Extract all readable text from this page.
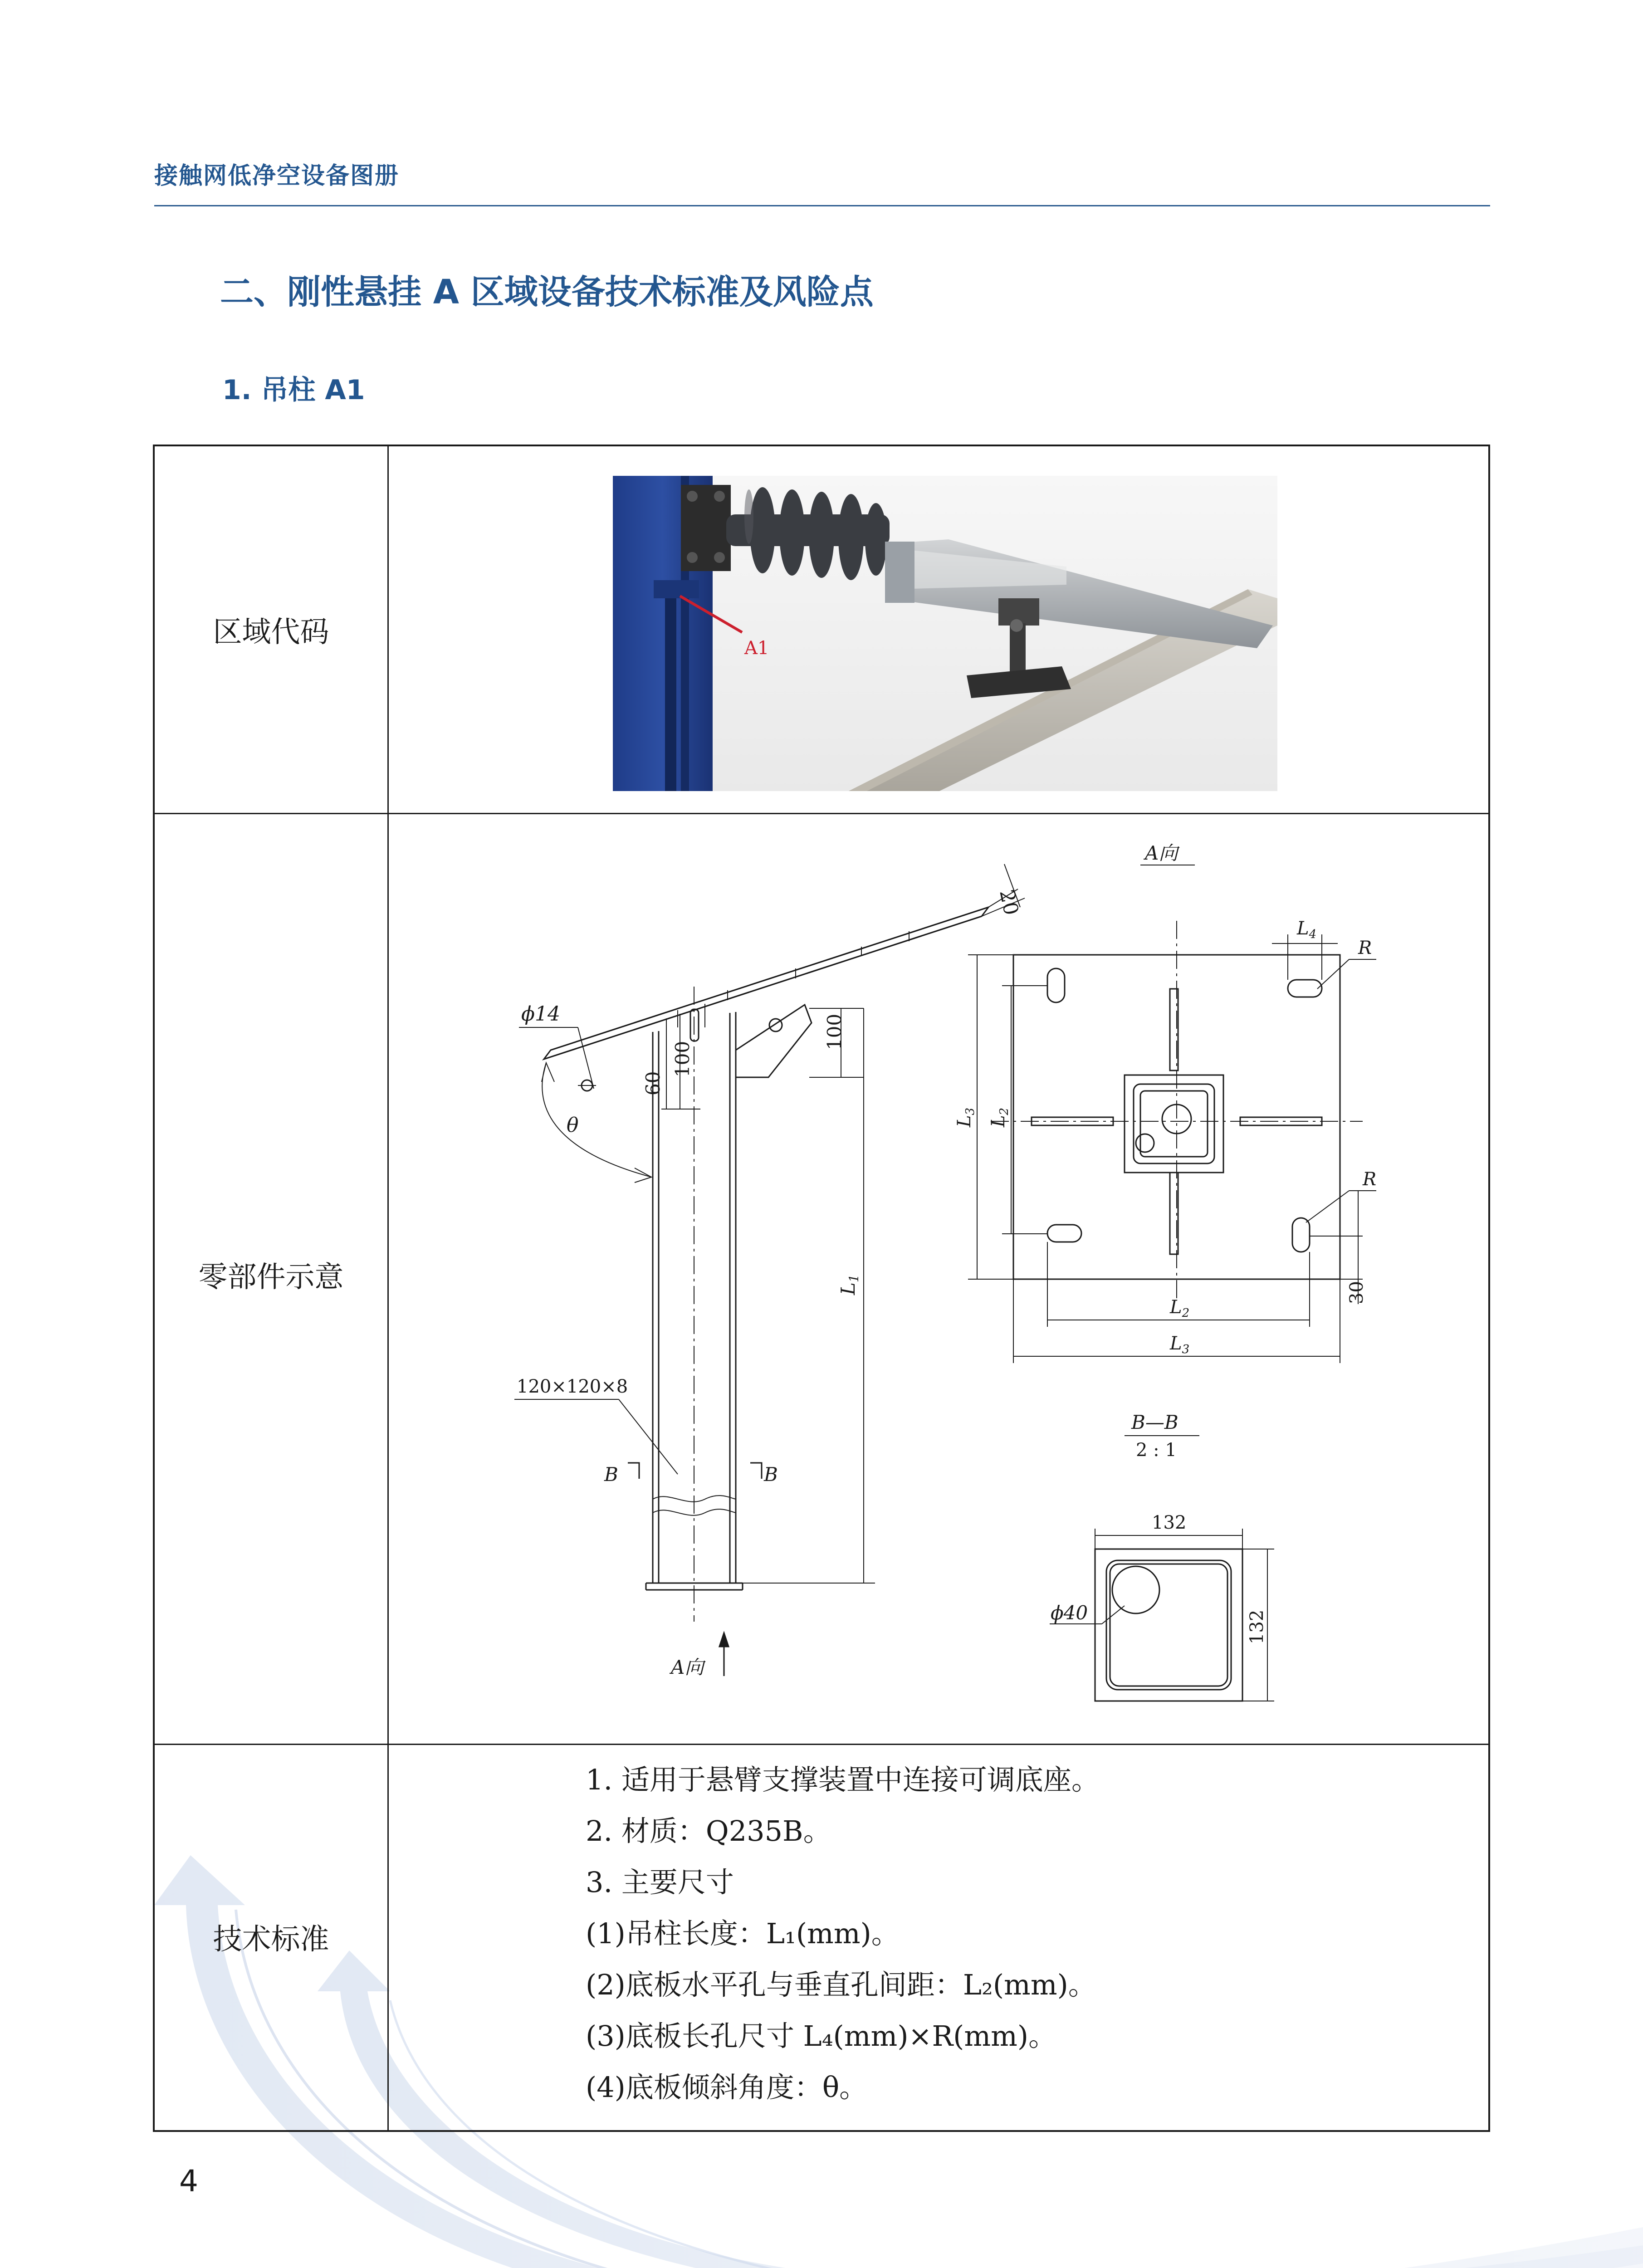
接触网低净空设备图册
二、刚性悬挂 A 区域设备技术标准及风险点
1. 吊柱 A1
区域代码
零部件示意
技术标准
A1
20
ϕ14
60
100
100
L1
θ
120×120×8
B	B
A向
A向
$L_4$
R
R
$L_3$
$L_2$
30
$L_2$
$L_3$
B—B
2 : 1
132
132
ϕ40
1. 适用于悬臂支撑装置中连接可调底座。
2. 材质：Q235B。
3. 主要尺寸
(1)吊柱长度：L₁(mm)。
(2)底板水平孔与垂直孔间距：L₂(mm)。
(3)底板长孔尺寸 L₄(mm)×R(mm)。
(4)底板倾斜角度：θ。
4
